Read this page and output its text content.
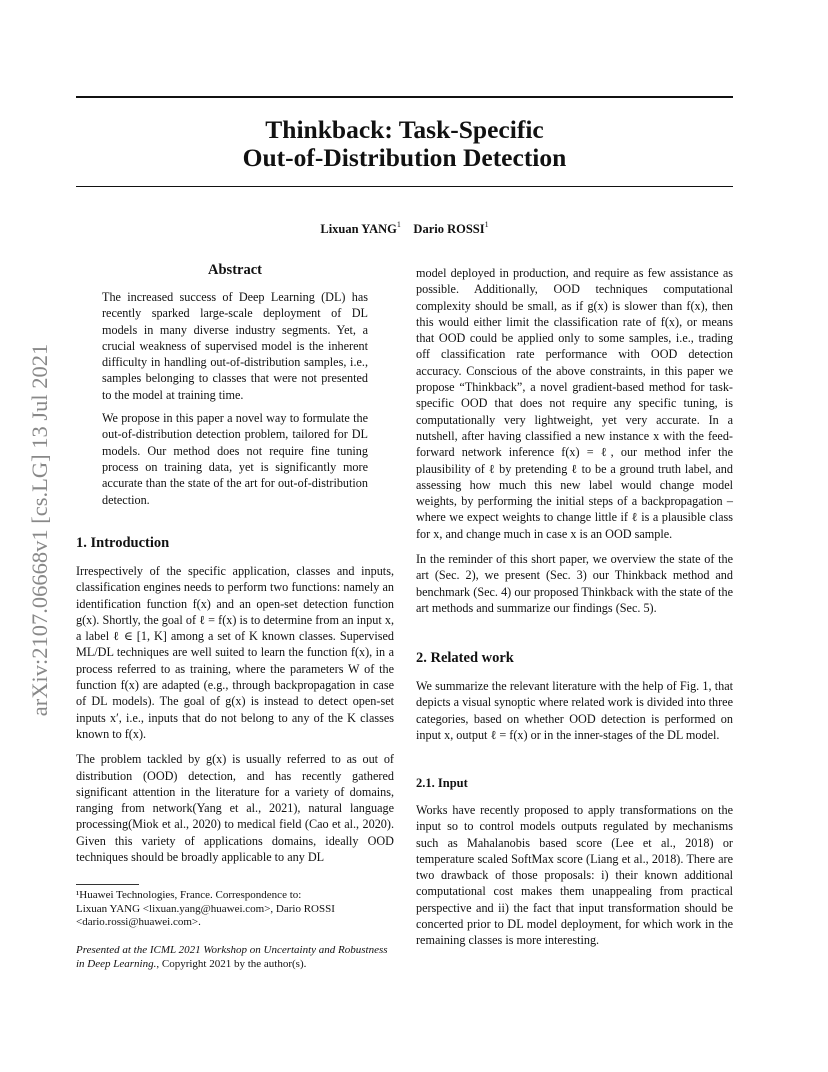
Thinkback: Task-Specific
Out-of-Distribution Detection
Lixuan YANG$^1$ Dario ROSSI$^1$
arXiv:2107.06668v1 [cs.LG] 13 Jul 2021
Abstract

The increased success of Deep Learning (DL) has recently sparked large-scale deployment of DL models in many diverse industry segments. Yet, a crucial weakness of supervised model is the inherent difficulty in handling out-of-distribution samples, i.e., samples belonging to classes that were not presented to the model at training time.

We propose in this paper a novel way to formulate the out-of-distribution detection problem, tailored for DL models. Our method does not require fine tuning process on training data, yet is significantly more accurate than the state of the art for out-of-distribution detection.

1. Introduction

Irrespectively of the specific application, classes and inputs, classification engines needs to perform two functions: namely an identification function f(x) and an open-set detection function g(x). Shortly, the goal of ℓ = f(x) is to determine from an input x, a label ℓ ∈ [1, K] among a set of K known classes. Supervised ML/DL techniques are well suited to learn the function f(x), in a process referred to as training, where the parameters W of the function f(x) are adapted (e.g., through backpropagation in case of DL models). The goal of g(x) is instead to detect open-set inputs x′, i.e., inputs that do not belong to any of the K classes known to f(x).

The problem tackled by g(x) is usually referred to as out of distribution (OOD) detection, and has recently gathered significant attention in the literature for a variety of domains, ranging from network(Yang et al., 2021), natural language processing(Miok et al., 2020) to medical field (Cao et al., 2020). Given this variety of applications domains, ideally OOD techniques should be broadly applicable to any DL

¹Huawei Technologies, France. Correspondence to:
Lixuan YANG <lixuan.yang@huawei.com>, Dario ROSSI
<dario.rossi@huawei.com>.
Presented at the ICML 2021 Workshop on Uncertainty and Robustness in Deep Learning., Copyright 2021 by the author(s).

model deployed in production, and require as few assistance as possible. Additionally, OOD techniques computational complexity should be small, as if g(x) is slower than f(x), then this would either limit the classification rate of f(x), or means that OOD could be applied only to some samples, i.e., trading off classification rate performance with OOD detection accuracy. Conscious of the above constraints, in this paper we propose “Thinkback”, a novel gradient-based method for task-specific OOD that does not require any specific tuning, is computationally very lightweight, yet very accurate. In a nutshell, after having classified a new instance x with the feed-forward network inference f(x) = ℓ, our method infer the plausibility of ℓ by pretending ℓ to be a ground truth label, and assessing how much this new label would change model weights, by performing the initial steps of a backpropagation – where we expect weights to change little if ℓ is a plausible class for x, and change much in case x is an OOD sample.

In the reminder of this short paper, we overview the state of the art (Sec. 2), we present (Sec. 3) our Thinkback method and benchmark (Sec. 4) our proposed Thinkback with the state of the art methods and summarize our findings (Sec. 5).

2. Related work

We summarize the relevant literature with the help of Fig. 1, that depicts a visual synoptic where related work is divided into three categories, based on whether OOD detection is performed on input x, output ℓ = f(x) or in the inner-stages of the DL model.

2.1. Input

Works have recently proposed to apply transformations on the input so to control models outputs regulated by mechanisms such as Mahalanobis based score (Lee et al., 2018) or temperature scaled SoftMax score (Liang et al., 2018). There are two drawback of those proposals: i) their known additional computational cost makes them unappealing from practical perspective and ii) the fact that input transformation should be concerted prior to DL model deployment, for which work in the remaining classes is more interesting.
